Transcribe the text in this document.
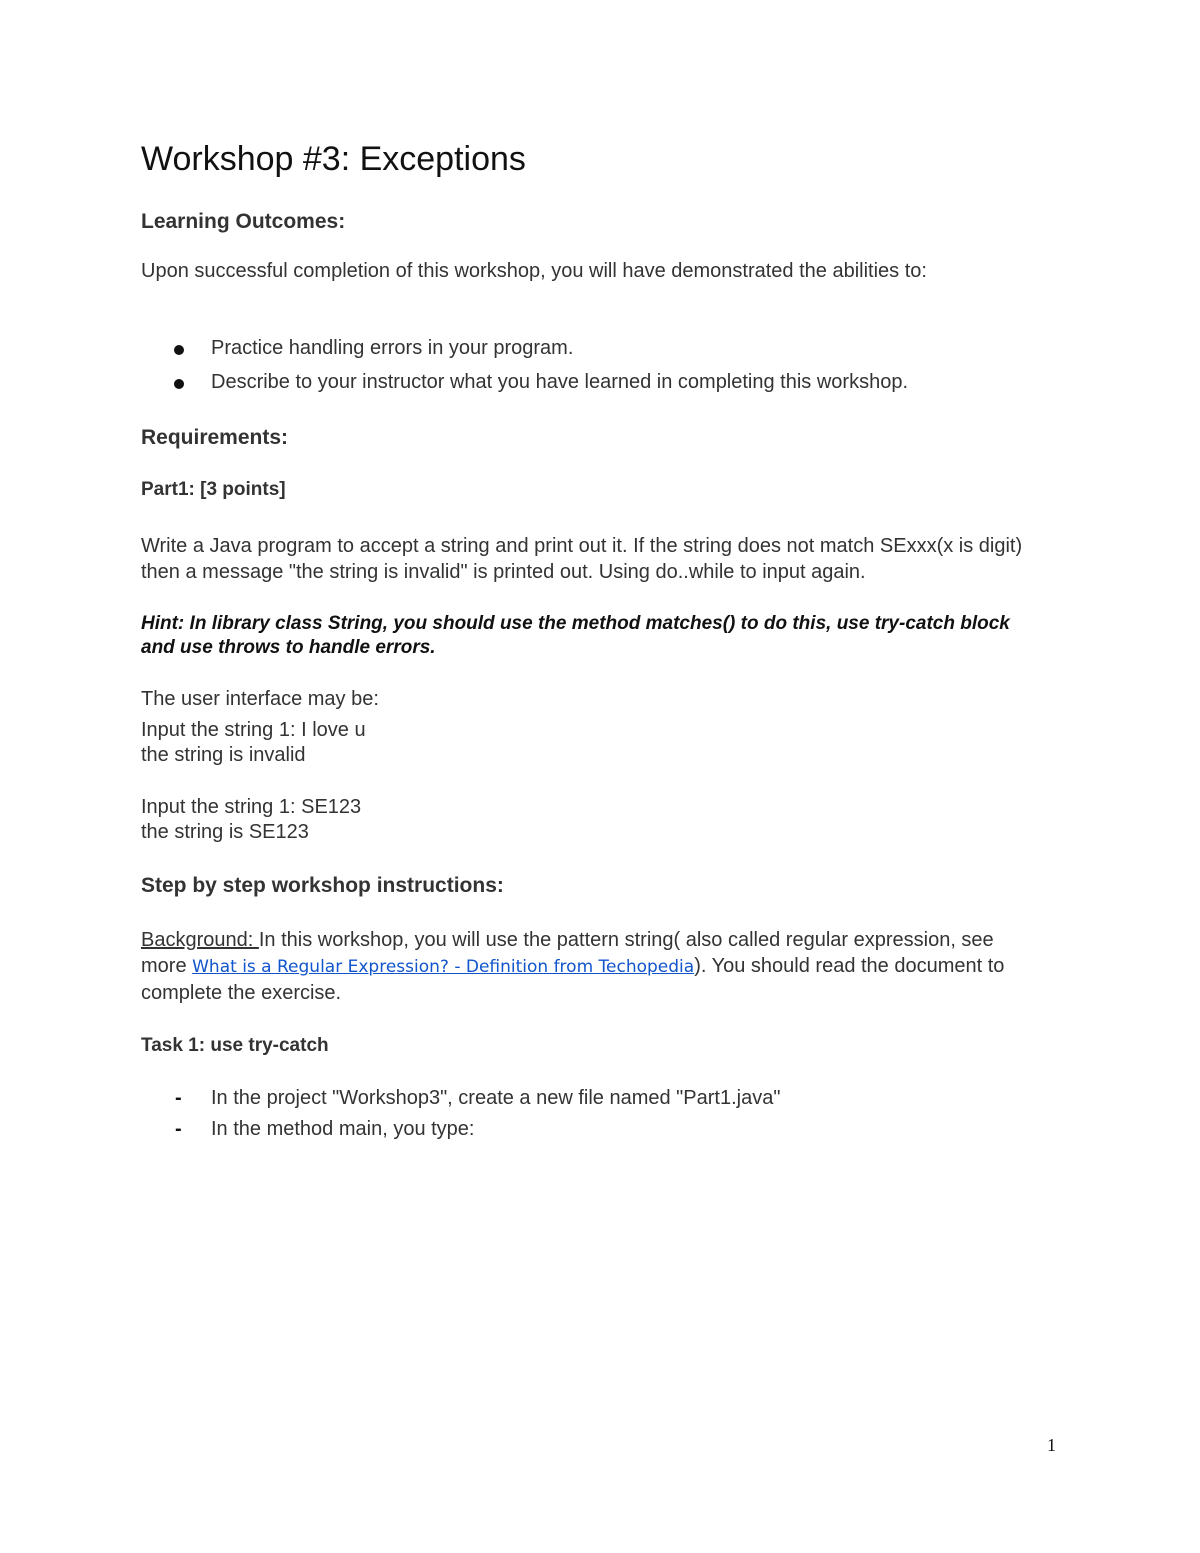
Workshop #3: Exceptions
Learning Outcomes:
Upon successful completion of this workshop, you will have demonstrated the abilities to:
Practice handling errors in your program.
Describe to your instructor what you have learned in completing this workshop.
Requirements:
Part1: [3 points]
Write a Java program to accept a string and print out it. If the string does not match SExxx(x is digit) then a message "the string is invalid" is printed out. Using do..while to input again.
Hint: In library class String, you should use the method matches() to do this, use try-catch block and use throws to handle errors.
The user interface may be:
Input the string 1: I love u
the string is invalid
Input the string 1: SE123
the string is SE123
Step by step workshop instructions:
Background: In this workshop, you will use the pattern string( also called regular expression, see more What is a Regular Expression? - Definition from Techopedia). You should read the document to complete the exercise.
Task 1: use try-catch
- In the project "Workshop3", create a new file named "Part1.java"
- In the method main, you type:
1
